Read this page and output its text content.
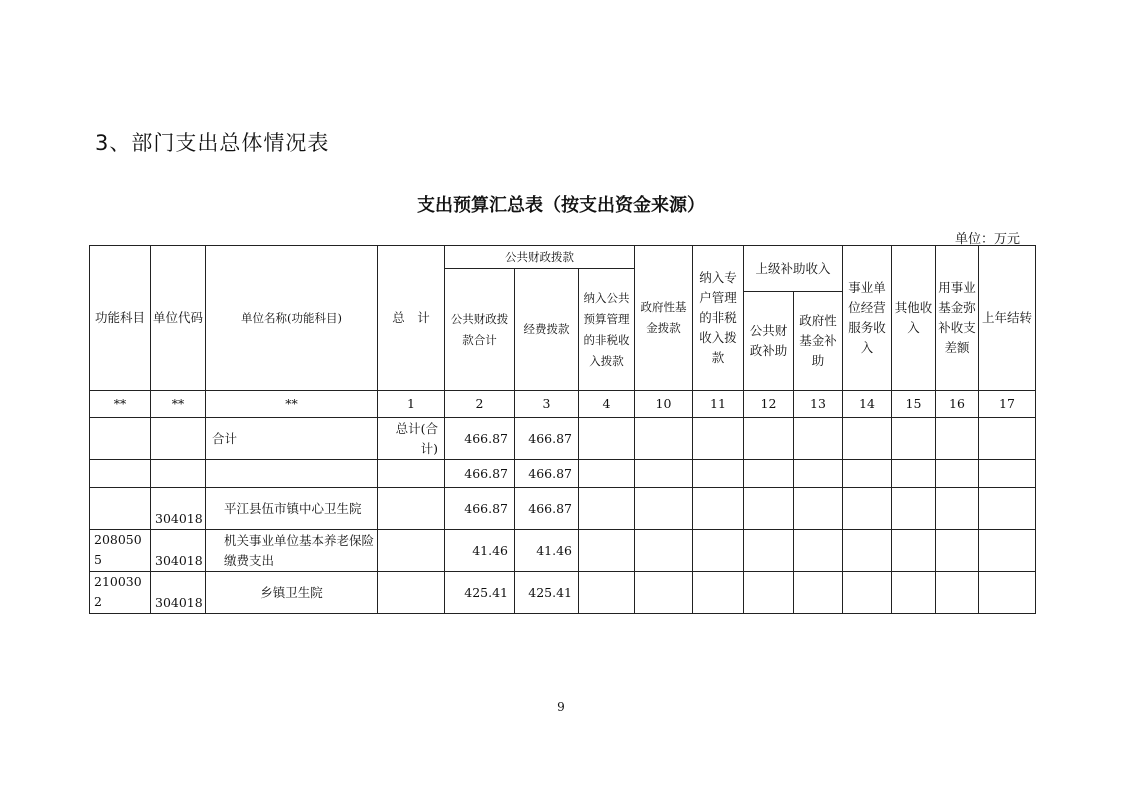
3、部门支出总体情况表
支出预算汇总表（按支出资金来源）
单位：万元
功能科目	单位代码	单位名称(功能科目)	总　计	公共财政拨款			政府性基金拨款	纳入专户管理的非税收入拨款	上级补助收入		事业单位经营服务收入	其他收入	用事业基金弥补收支差额	上年结转
				公共财政拨款合计	经费拨款	纳入公共预算管理的非税收入拨款								
									公共财政补助	政府性基金补助				
**	**	**	1	2	3	4	10	11	12	13	14	15	16	17
		合计	总计(合计)	466.87	466.87									
				466.87	466.87									
	304018	平江县伍市镇中心卫生院		466.87	466.87									
2080505	304018	机关事业单位基本养老保险缴费支出		41.46	41.46									
2100302	304018	乡镇卫生院		425.41	425.41									
9
